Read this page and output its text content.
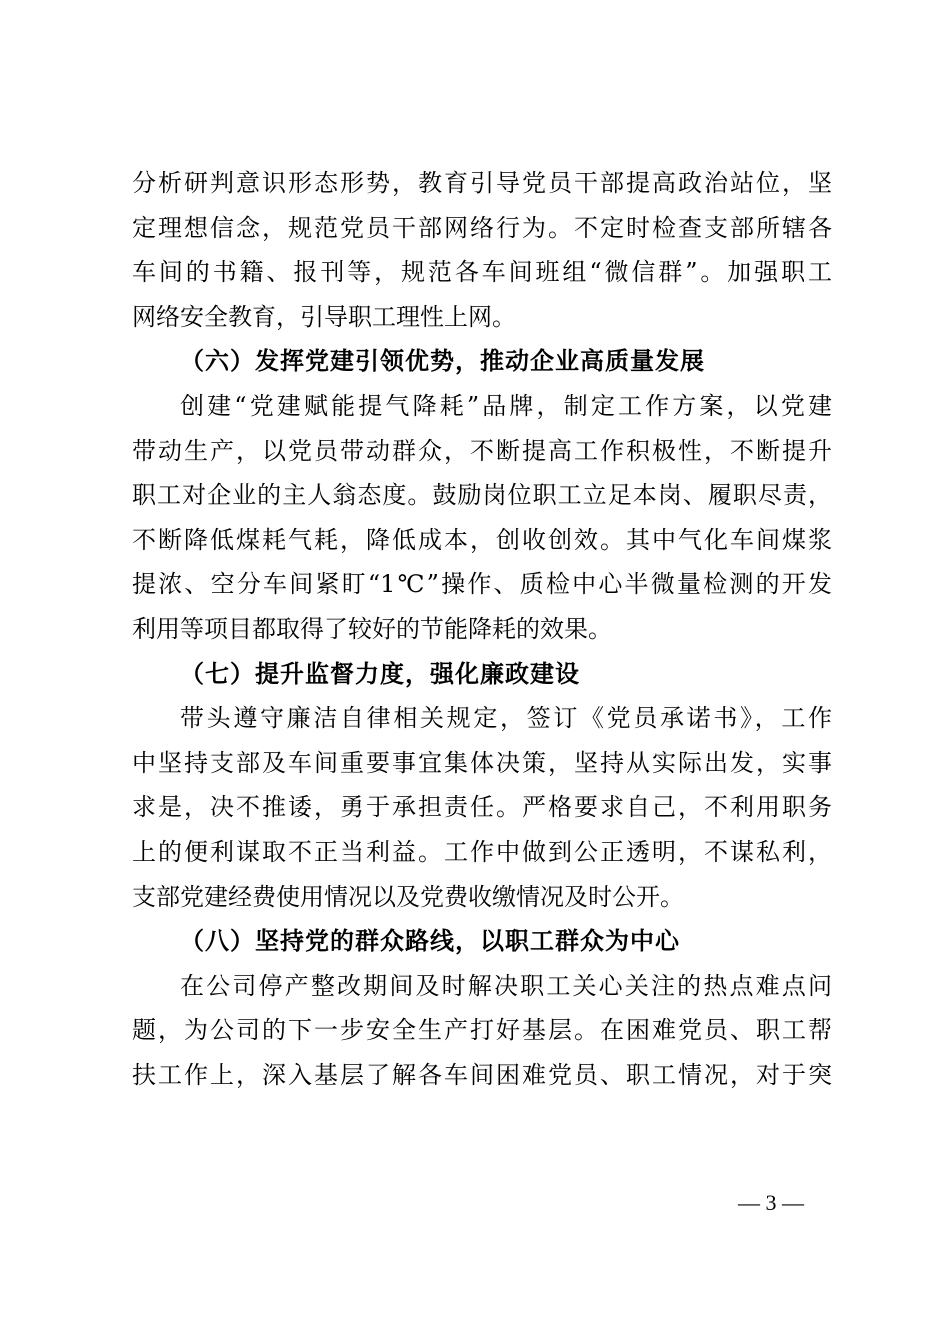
分析研判意识形态形势，教育引导党员干部提高政治站位，坚
定理想信念，规范党员干部网络行为。不定时检查支部所辖各
车间的书籍、报刊等，规范各车间班组“微信群”。加强职工
网络安全教育，引导职工理性上网。
（六）发挥党建引领优势，推动企业高质量发展
创建“党建赋能提气降耗”品牌，制定工作方案，以党建
带动生产，以党员带动群众，不断提高工作积极性，不断提升
职工对企业的主人翁态度。鼓励岗位职工立足本岗、履职尽责，
不断降低煤耗气耗，降低成本，创收创效。其中气化车间煤浆
提浓、空分车间紧盯“1℃”操作、质检中心半微量检测的开发
利用等项目都取得了较好的节能降耗的效果。
（七）提升监督力度，强化廉政建设
带头遵守廉洁自律相关规定，签订《党员承诺书》，工作
中坚持支部及车间重要事宜集体决策，坚持从实际出发，实事
求是，决不推诿，勇于承担责任。严格要求自己，不利用职务
上的便利谋取不正当利益。工作中做到公正透明，不谋私利，
支部党建经费使用情况以及党费收缴情况及时公开。
（八）坚持党的群众路线，以职工群众为中心
在公司停产整改期间及时解决职工关心关注的热点难点问
题，为公司的下一步安全生产打好基层。在困难党员、职工帮
扶工作上，深入基层了解各车间困难党员、职工情况，对于突
— 3 —
